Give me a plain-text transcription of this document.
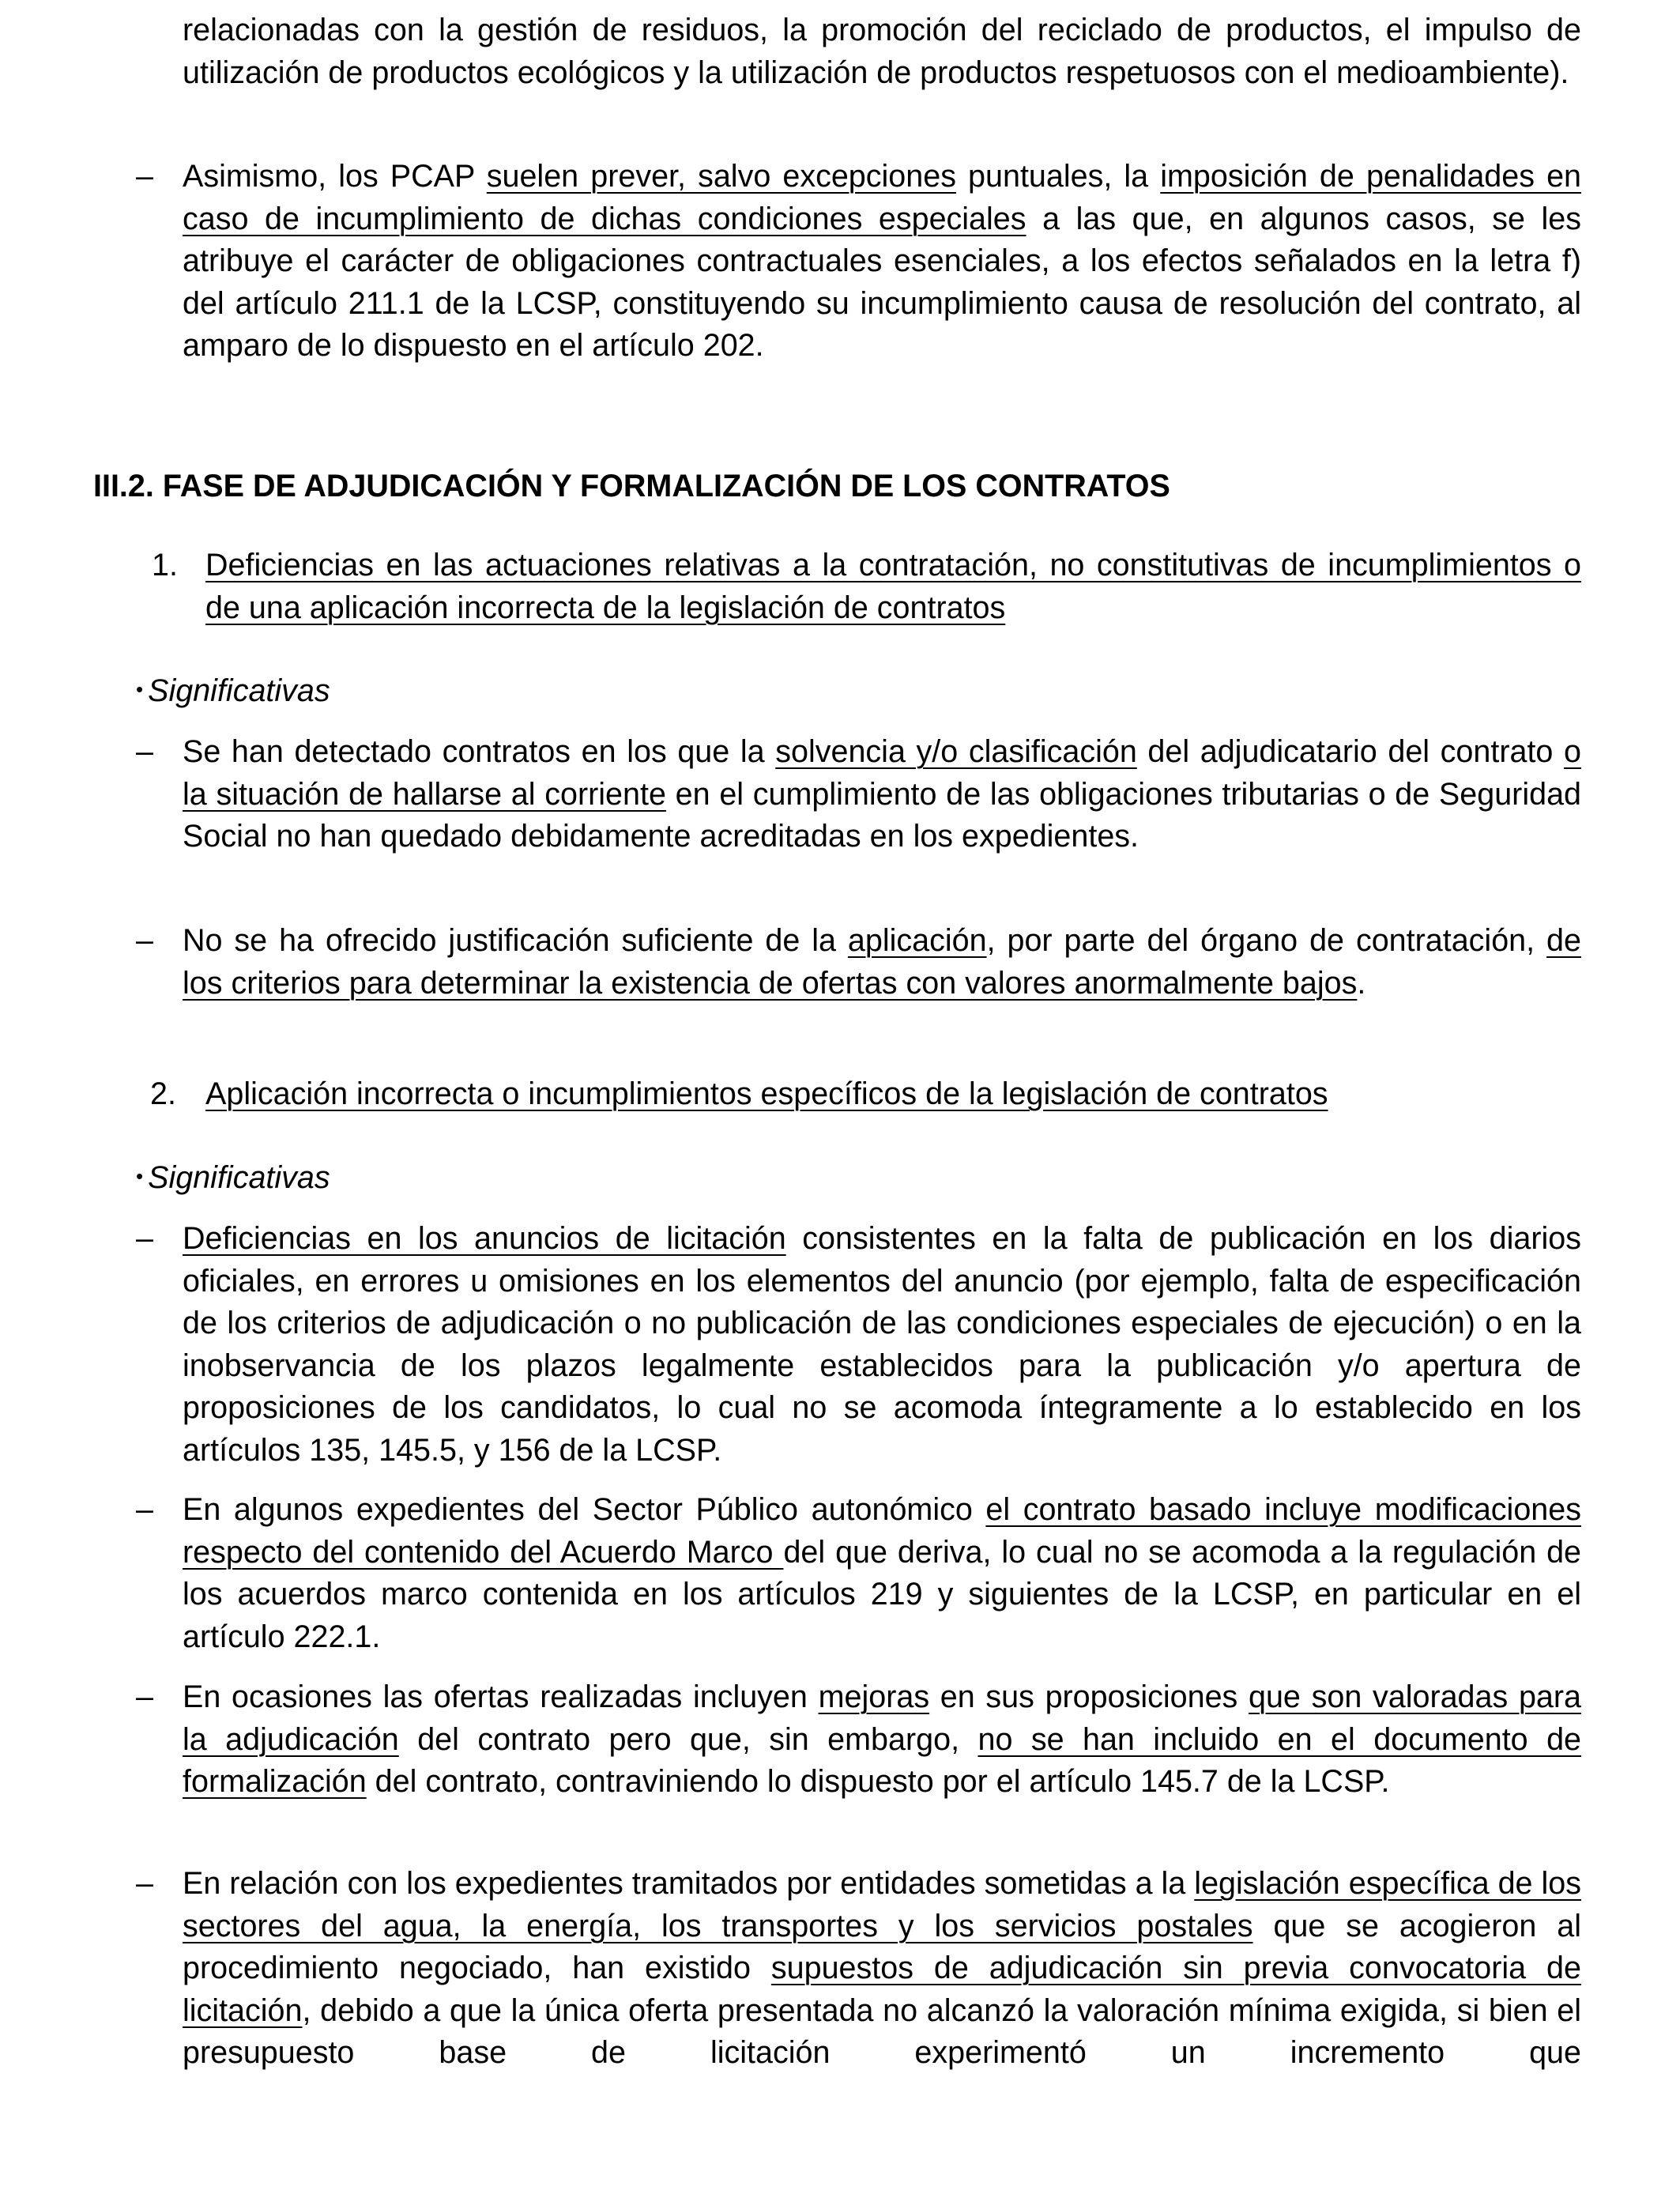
relacionadas con la gestión de residuos, la promoción del reciclado de productos, el impulso de utilización de productos ecológicos y la utilización de productos respetuosos con el medioambiente).

– Asimismo, los PCAP suelen prever, salvo excepciones puntuales, la imposición de penalidades en caso de incumplimiento de dichas condiciones especiales a las que, en algunos casos, se les atribuye el carácter de obligaciones contractuales esenciales, a los efectos señalados en la letra f) del artículo 211.1 de la LCSP, constituyendo su incumplimiento causa de resolución del contrato, al amparo de lo dispuesto en el artículo 202.

III.2. FASE DE ADJUDICACIÓN Y FORMALIZACIÓN DE LOS CONTRATOS

1. Deficiencias en las actuaciones relativas a la contratación, no constitutivas de incumplimientos o de una aplicación incorrecta de la legislación de contratos

• Significativas

– Se han detectado contratos en los que la solvencia y/o clasificación del adjudicatario del contrato o la situación de hallarse al corriente en el cumplimiento de las obligaciones tributarias o de Seguridad Social no han quedado debidamente acreditadas en los expedientes.

– No se ha ofrecido justificación suficiente de la aplicación, por parte del órgano de contratación, de los criterios para determinar la existencia de ofertas con valores anormalmente bajos.

2. Aplicación incorrecta o incumplimientos específicos de la legislación de contratos

• Significativas

– Deficiencias en los anuncios de licitación consistentes en la falta de publicación en los diarios oficiales, en errores u omisiones en los elementos del anuncio (por ejemplo, falta de especificación de los criterios de adjudicación o no publicación de las condiciones especiales de ejecución) o en la inobservancia de los plazos legalmente establecidos para la publicación y/o apertura de proposiciones de los candidatos, lo cual no se acomoda íntegramente a lo establecido en los artículos 135, 145.5, y 156 de la LCSP.

– En algunos expedientes del Sector Público autonómico el contrato basado incluye modificaciones respecto del contenido del Acuerdo Marco del que deriva, lo cual no se acomoda a la regulación de los acuerdos marco contenida en los artículos 219 y siguientes de la LCSP, en particular en el artículo 222.1.

– En ocasiones las ofertas realizadas incluyen mejoras en sus proposiciones que son valoradas para la adjudicación del contrato pero que, sin embargo, no se han incluido en el documento de formalización del contrato, contraviniendo lo dispuesto por el artículo 145.7 de la LCSP.

– En relación con los expedientes tramitados por entidades sometidas a la legislación específica de los sectores del agua, la energía, los transportes y los servicios postales que se acogieron al procedimiento negociado, han existido supuestos de adjudicación sin previa convocatoria de licitación, debido a que la única oferta presentada no alcanzó la valoración mínima exigida, si bien el presupuesto base de licitación experimentó un incremento que
